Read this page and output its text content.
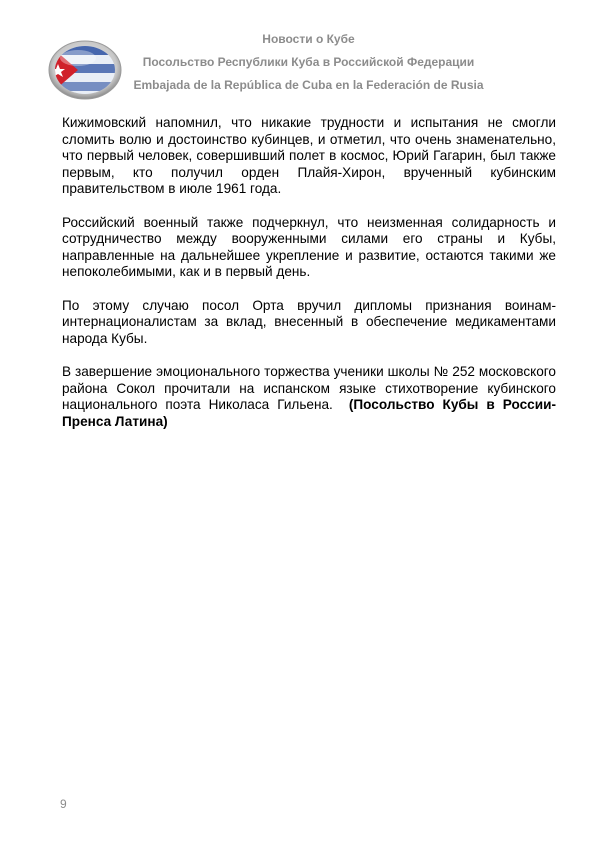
Новости о Кубе
Посольство Республики Куба в Российской Федерации
Embajada de la República de Cuba en la Federación de Rusia

Кижимовский напомнил, что никакие трудности и испытания не смогли сломить волю и достоинство кубинцев, и отметил, что очень знаменательно, что первый человек, совершивший полет в космос, Юрий Гагарин, был также первым, кто получил орден Плайя-Хирон, врученный кубинским правительством в июле 1961 года.

Российский военный также подчеркнул, что неизменная солидарность и сотрудничество между вооруженными силами его страны и Кубы, направленные на дальнейшее укрепление и развитие, остаются такими же непоколебимыми, как и в первый день.

По этому случаю посол Орта вручил дипломы признания воинам-интернационалистам за вклад, внесенный в обеспечение медикаментами народа Кубы.

В завершение эмоционального торжества ученики школы № 252 московского района Сокол прочитали на испанском языке стихотворение кубинского национального поэта Николаса Гильена. (Посольство Кубы в России- Пренса Латина)

9
